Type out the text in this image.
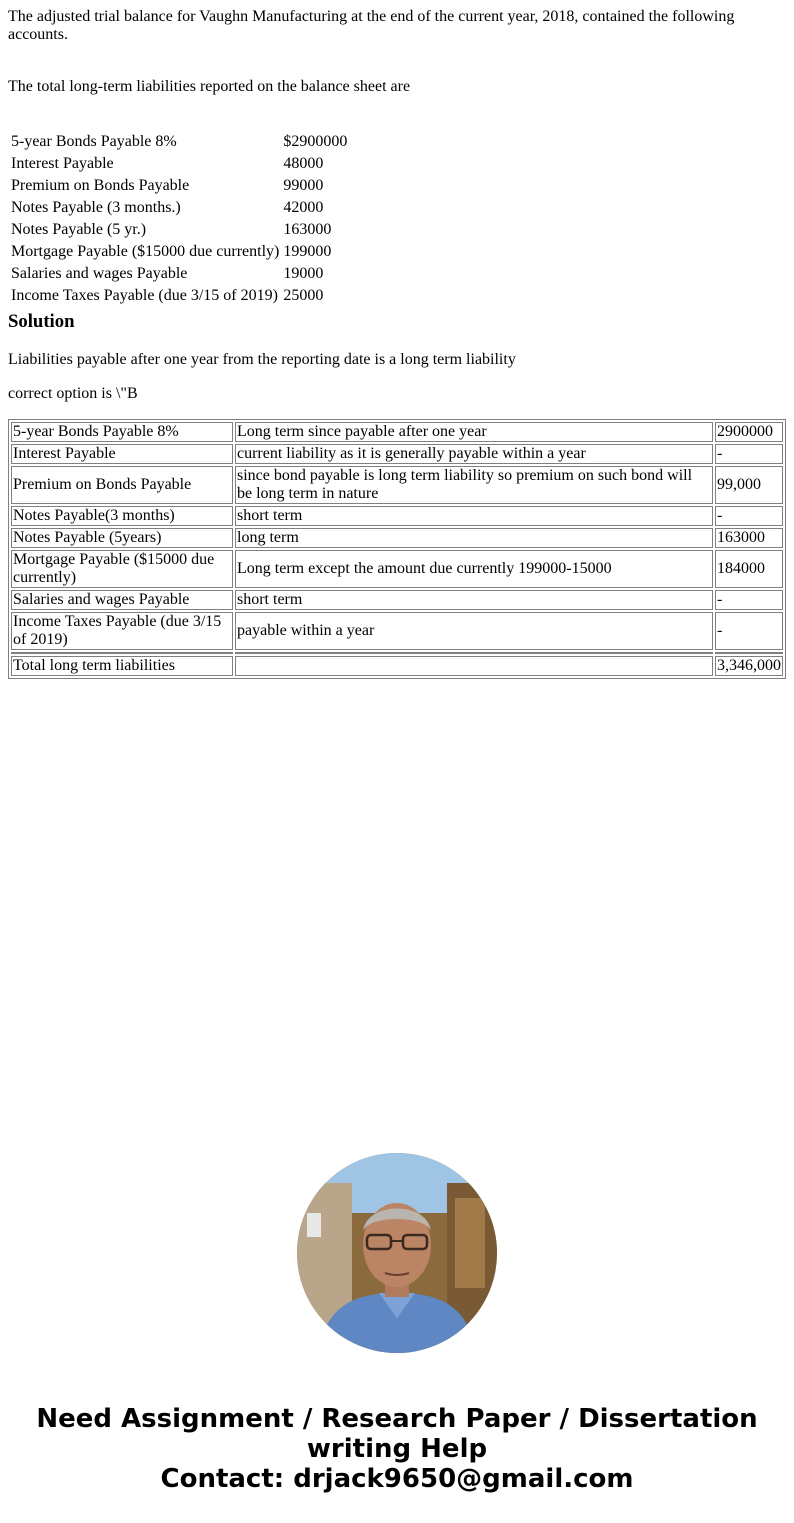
The adjusted trial balance for Vaughn Manufacturing at the end of the current year, 2018, contained the following accounts.

The total long-term liabilities reported on the balance sheet are

5-year Bonds Payable 8%	$2900000
Interest Payable	48000
Premium on Bonds Payable	99000
Notes Payable (3 months.)	42000
Notes Payable (5 yr.)	163000
Mortgage Payable ($15000 due currently)	199000
Salaries and wages Payable	19000
Income Taxes Payable (due 3/15 of 2019)	25000
Solution

Liabilities payable after one year from the reporting date is a long term liability

correct option is \"B

5-year Bonds Payable 8%	Long term since payable after one year	2900000
Interest Payable	current liability as it is generally payable within a year	-
Premium on Bonds Payable	since bond payable is long term liability so premium on such bond will be long term in nature	99,000
Notes Payable(3 months)	short term	-
Notes Payable (5years)	long term	163000
Mortgage Payable ($15000 due currently)	Long term except the amount due currently 199000-15000	184000
Salaries and wages Payable	short term	-
Income Taxes Payable (due 3/15 of 2019)	payable within a year	-

Total long term liabilities		3,346,000
Need Assignment / Research Paper / Dissertation
writing Help
Contact: drjack9650@gmail.com
